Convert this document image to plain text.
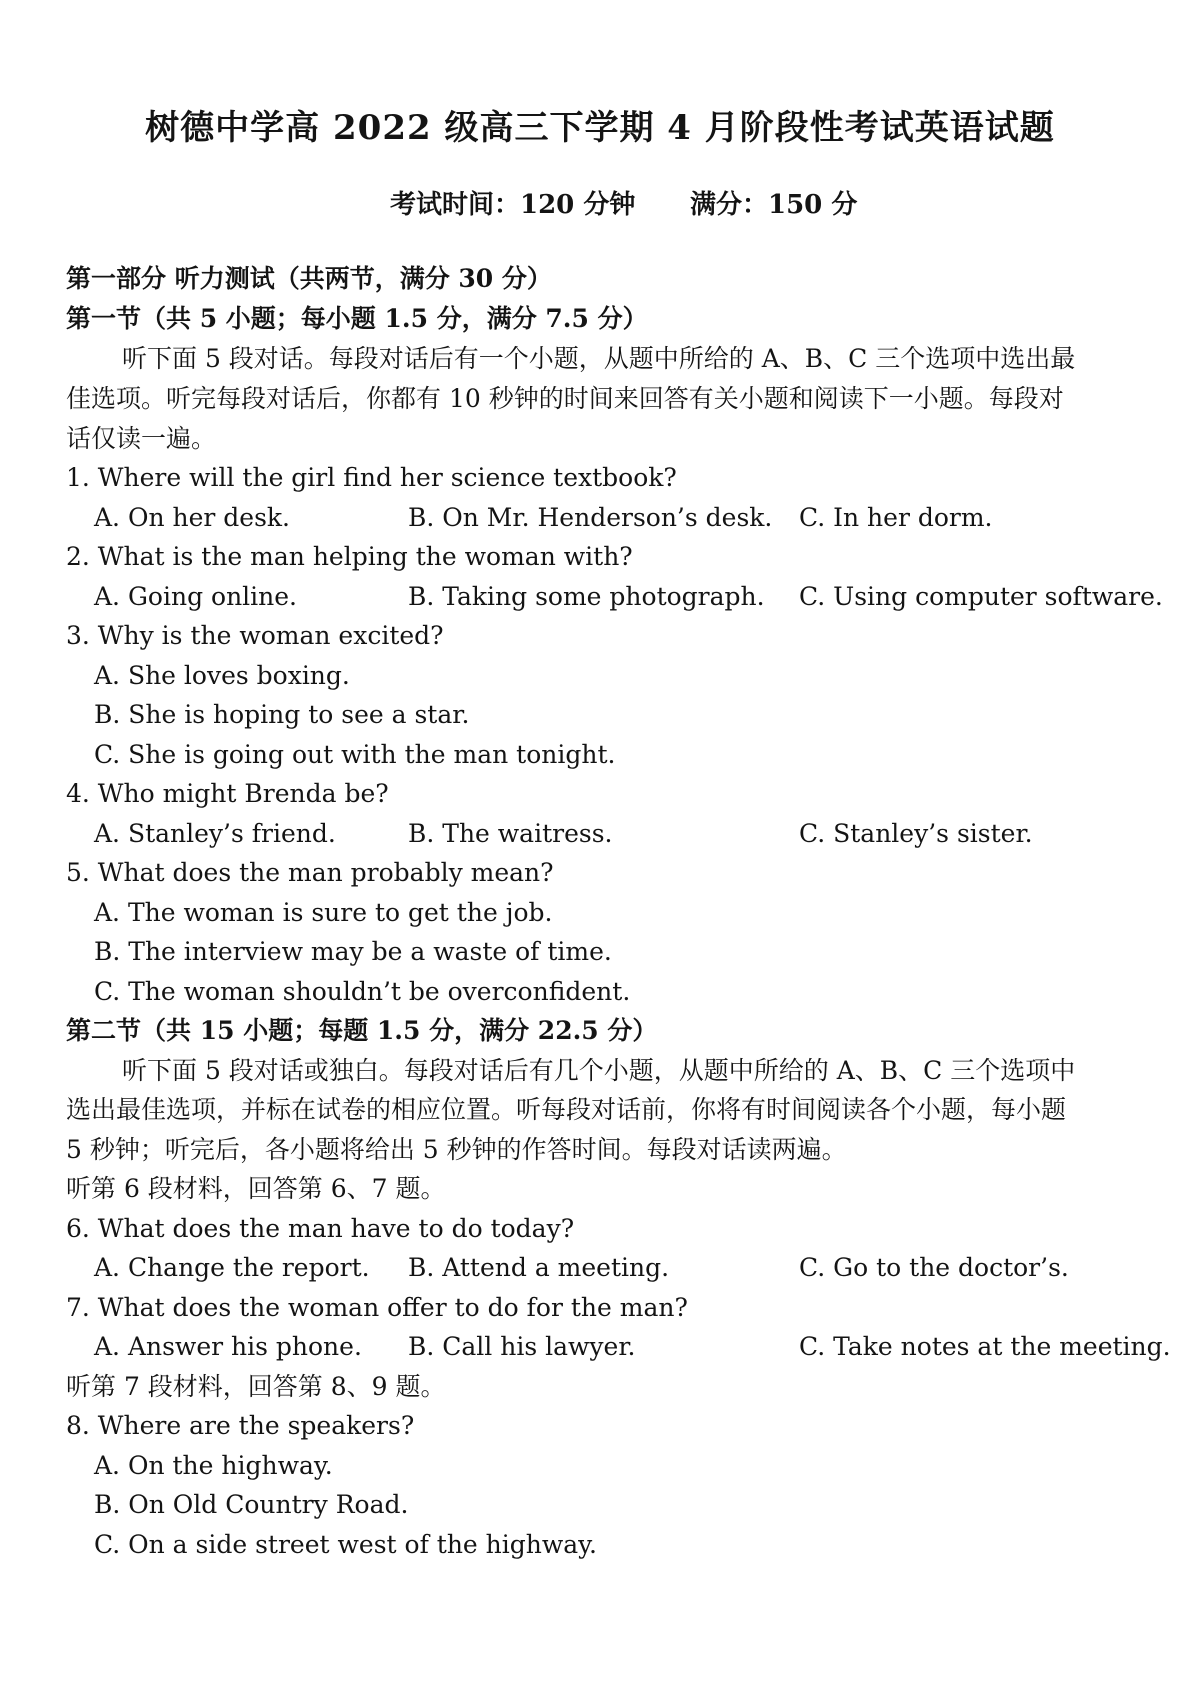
树德中学高 2022 级高三下学期 4 月阶段性考试英语试题
考试时间：120 分钟 满分：150 分
第一部分 听力测试（共两节，满分 30 分）
第一节（共 5 小题；每小题 1.5 分，满分 7.5 分）
听下面 5 段对话。每段对话后有一个小题，从题中所给的 A、B、C 三个选项中选出最
佳选项。听完每段对话后，你都有 10 秒钟的时间来回答有关小题和阅读下一小题。每段对
话仅读一遍。
1. Where will the girl find her science textbook?
A. On her desk.	B. On Mr. Henderson’s desk. C. In her dorm.
2. What is the man helping the woman with?
A. Going online.	B. Taking some photograph. C. Using computer software.
3. Why is the woman excited?
A. She loves boxing.
B. She is hoping to see a star.
C. She is going out with the man tonight.
4. Who might Brenda be?
A. Stanley’s friend.	B. The waitress.	C. Stanley’s sister.
5. What does the man probably mean?
A. The woman is sure to get the job.
B. The interview may be a waste of time.
C. The woman shouldn’t be overconfident.
第二节（共 15 小题；每题 1.5 分，满分 22.5 分）
听下面 5 段对话或独白。每段对话后有几个小题，从题中所给的 A、B、C 三个选项中
选出最佳选项，并标在试卷的相应位置。听每段对话前，你将有时间阅读各个小题，每小题
5 秒钟；听完后，各小题将给出 5 秒钟的作答时间。每段对话读两遍。
听第 6 段材料，回答第 6、7 题。
6. What does the man have to do today?
A. Change the report. B. Attend a meeting.	C. Go to the doctor’s.
7. What does the woman offer to do for the man?
A. Answer his phone. B. Call his lawyer.	C. Take notes at the meeting.
听第 7 段材料，回答第 8、9 题。
8. Where are the speakers?
A. On the highway.
B. On Old Country Road.
C. On a side street west of the highway.
